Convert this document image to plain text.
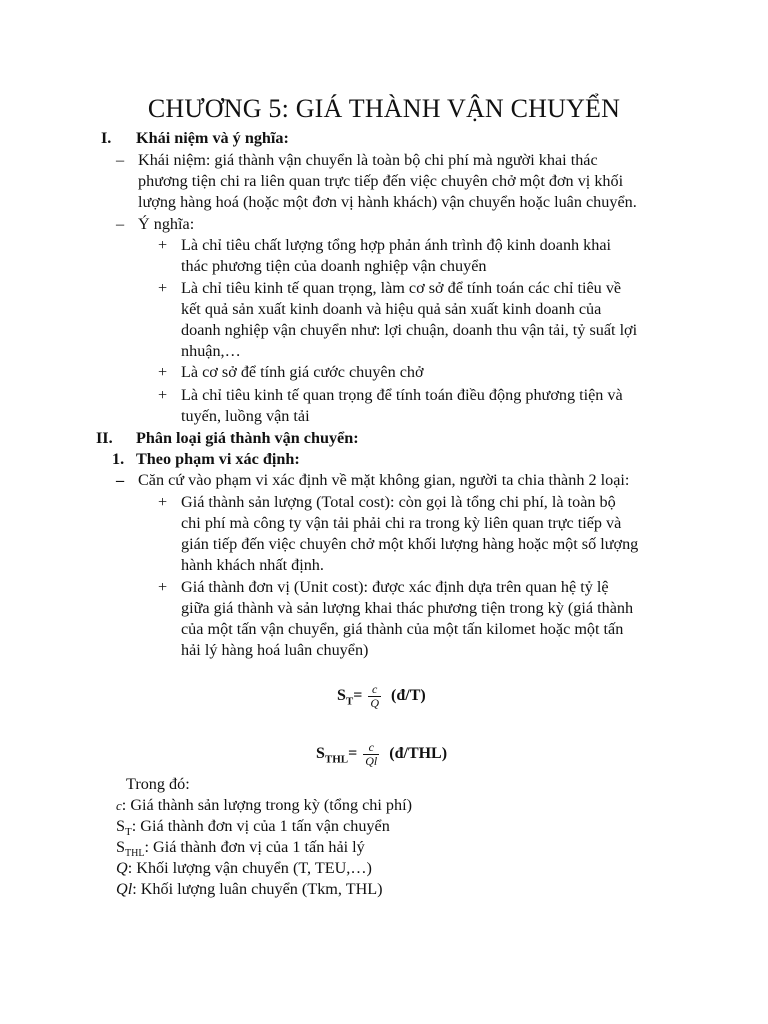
CHƯƠNG 5: GIÁ THÀNH VẬN CHUYỂN
I. Khái niệm và ý nghĩa:
– Khái niệm: giá thành vận chuyển là toàn bộ chi phí mà người khai thác
phương tiện chi ra liên quan trực tiếp đến việc chuyên chở một đơn vị khối
lượng hàng hoá (hoặc một đơn vị hành khách) vận chuyển hoặc luân chuyển.
– Ý nghĩa:
+ Là chỉ tiêu chất lượng tổng hợp phản ánh trình độ kinh doanh khai
thác phương tiện của doanh nghiệp vận chuyển
+ Là chỉ tiêu kinh tế quan trọng, làm cơ sở để tính toán các chỉ tiêu về
kết quả sản xuất kinh doanh và hiệu quả sản xuất kinh doanh của
doanh nghiệp vận chuyển như: lợi chuận, doanh thu vận tải, tỷ suất lợi
nhuận,…
+ Là cơ sở để tính giá cước chuyên chở
+ Là chỉ tiêu kinh tế quan trọng để tính toán điều động phương tiện và
tuyến, luồng vận tải
II. Phân loại giá thành vận chuyển:
1. Theo phạm vi xác định:
– Căn cứ vào phạm vi xác định về mặt không gian, người ta chia thành 2 loại:
+ Giá thành sản lượng (Total cost): còn gọi là tổng chi phí, là toàn bộ
chi phí mà công ty vận tải phải chi ra trong kỳ liên quan trực tiếp và
gián tiếp đến việc chuyên chở một khối lượng hàng hoặc một số lượng
hành khách nhất định.
+ Giá thành đơn vị (Unit cost): được xác định dựa trên quan hệ tỷ lệ
giữa giá thành và sản lượng khai thác phương tiện trong kỳ (giá thành
của một tấn vận chuyển, giá thành của một tấn kilomet hoặc một tấn
hải lý hàng hoá luân chuyển)
$S_T= \frac{c}{Q}$ (đ/T)
$S_{THL}= \frac{c}{Ql}$ (đ/THL)
Trong đó:
c: Giá thành sản lượng trong kỳ (tổng chi phí)
$S_T$: Giá thành đơn vị của 1 tấn vận chuyển
$S_{THL}$: Giá thành đơn vị của 1 tấn hải lý
Q: Khối lượng vận chuyển (T, TEU,…)
Ql: Khối lượng luân chuyển (Tkm, THL)
